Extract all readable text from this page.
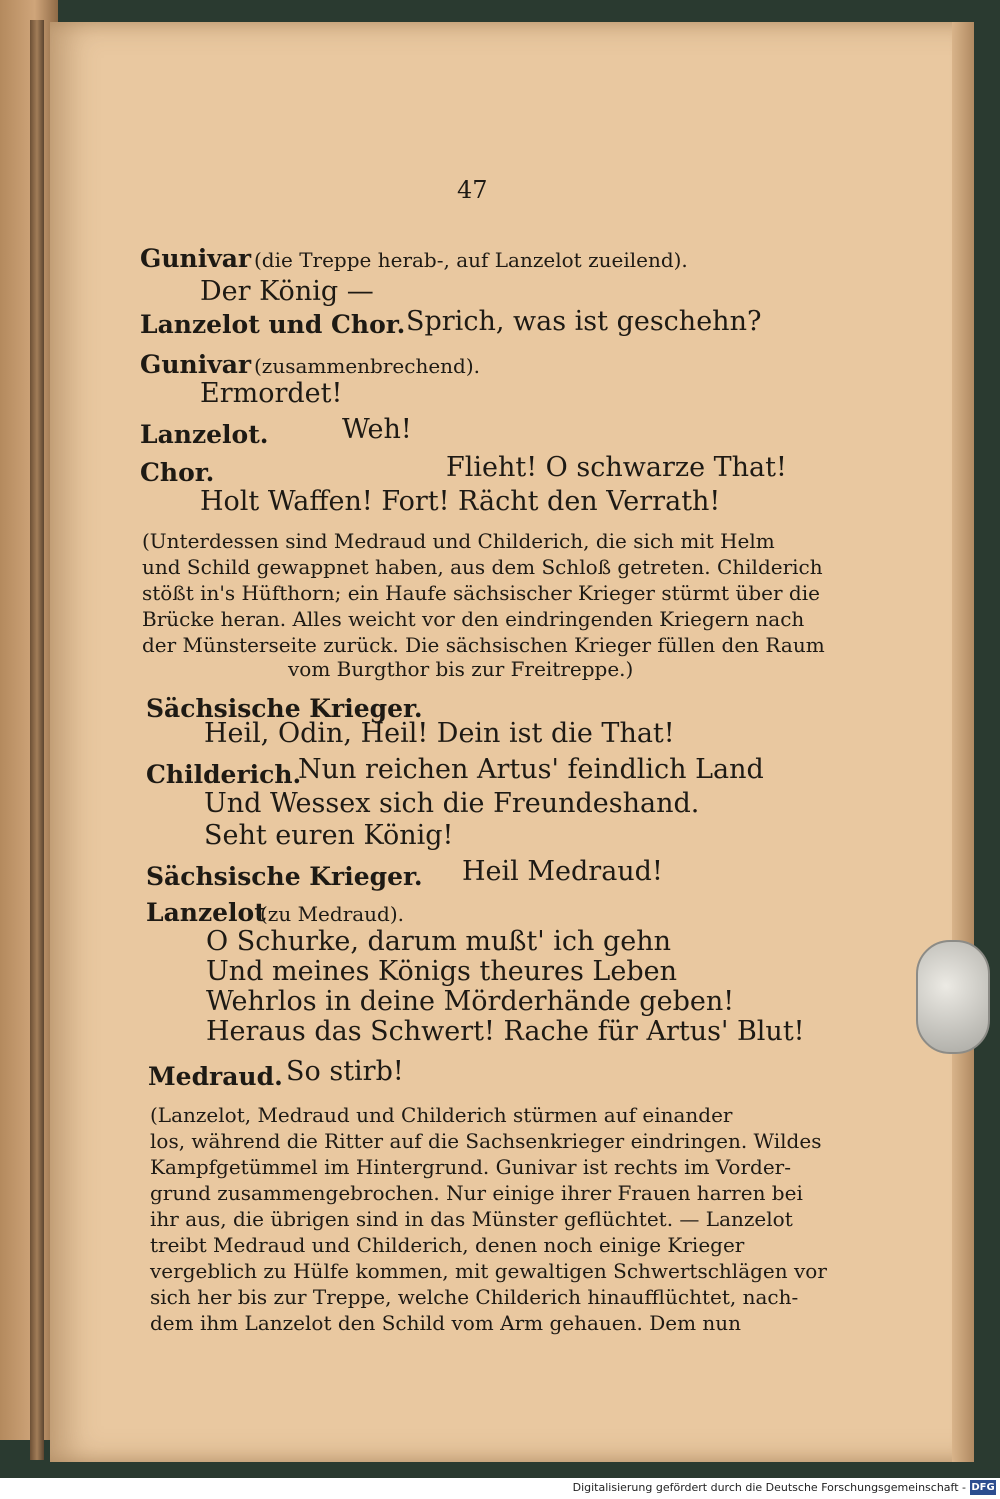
47
Gunivar (die Treppe herab-, auf Lanzelot zueilend).
Der König —
Lanzelot und Chor. Sprich, was ist geschehn?
Gunivar (zusammenbrechend).
Ermordet!
Lanzelot.	Weh!
Chor.	Flieht! O schwarze That!
Holt Waffen! Fort! Rächt den Verrath!
(Unterdessen sind Medraud und Childerich, die sich mit Helm
und Schild gewappnet haben, aus dem Schloß getreten. Childerich
stößt in's Hüfthorn; ein Haufe sächsischer Krieger stürmt über die
Brücke heran. Alles weicht vor den eindringenden Kriegern nach
der Münsterseite zurück. Die sächsischen Krieger füllen den Raum
vom Burgthor bis zur Freitreppe.)
Sächsische Krieger.
Heil, Odin, Heil! Dein ist die That!
Childerich.
Nun reichen Artus' feindlich Land
Und Wessex sich die Freundeshand.
Seht euren König!
Sächsische Krieger. Heil Medraud!
Lanzelot
(zu Medraud).
O Schurke, darum mußt' ich gehn
Und meines Königs theures Leben
Wehrlos in deine Mörderhände geben!
Heraus das Schwert! Rache für Artus' Blut!
Medraud. So stirb!
(Lanzelot, Medraud und Childerich stürmen auf einander
los, während die Ritter auf die Sachsenkrieger eindringen. Wildes
Kampfgetümmel im Hintergrund. Gunivar ist rechts im Vorder-
grund zusammengebrochen. Nur einige ihrer Frauen harren bei
ihr aus, die übrigen sind in das Münster geflüchtet. — Lanzelot
treibt Medraud und Childerich, denen noch einige Krieger
vergeblich zu Hülfe kommen, mit gewaltigen Schwertschlägen vor
sich her bis zur Treppe, welche Childerich hinaufflüchtet, nach-
dem ihm Lanzelot den Schild vom Arm gehauen. Dem nun
Digitalisierung gefördert durch die Deutsche Forschungsgemeinschaft - DFG
